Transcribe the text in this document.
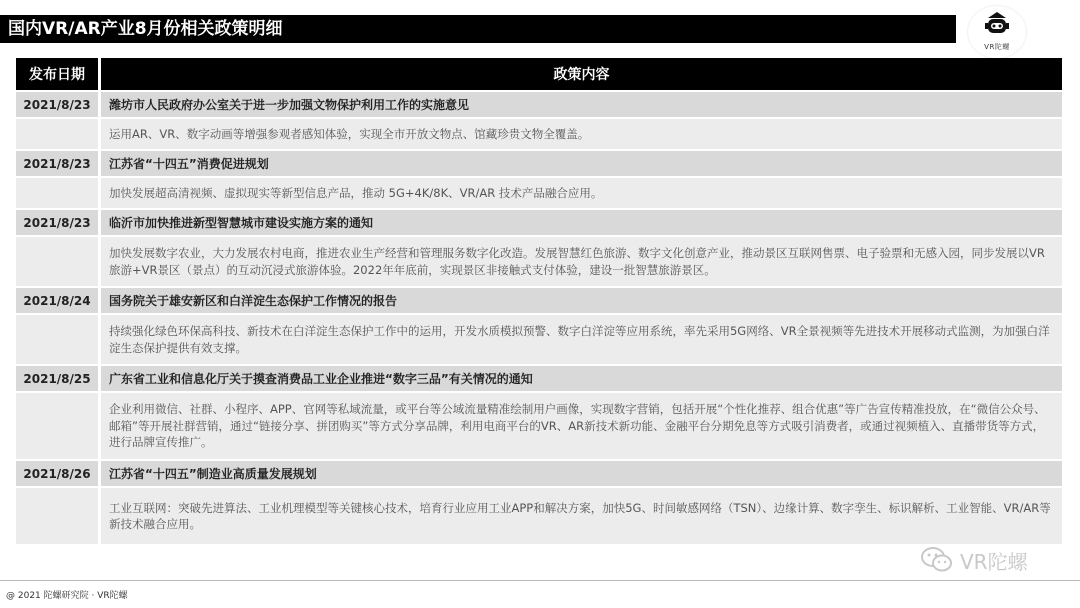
国内VR/AR产业8月份相关政策明细
VR陀螺
发布日期	政策内容
2021/8/23	潍坊市人民政府办公室关于进一步加强文物保护利用工作的实施意见
运用AR、VR、数字动画等增强参观者感知体验，实现全市开放文物点、馆藏珍贵文物全覆盖。
2021/8/23	江苏省“十四五”消费促进规划
加快发展超高清视频、虚拟现实等新型信息产品，推动 5G+4K/8K、VR/AR 技术产品融合应用。
2021/8/23	临沂市加快推进新型智慧城市建设实施方案的通知
加快发展数字农业，大力发展农村电商，推进农业生产经营和管理服务数字化改造。发展智慧红色旅游、数字文化创意产业，推动景区互联网售票、电子验票和无感入园，同步发展以VR旅游+VR景区（景点）的互动沉浸式旅游体验。2022年年底前，实现景区非接触式支付体验，建设一批智慧旅游景区。
2021/8/24	国务院关于雄安新区和白洋淀生态保护工作情况的报告
持续强化绿色环保高科技、新技术在白洋淀生态保护工作中的运用，开发水质模拟预警、数字白洋淀等应用系统，率先采用5G网络、VR全景视频等先进技术开展移动式监测，为加强白洋淀生态保护提供有效支撑。
2021/8/25	广东省工业和信息化厅关于摸查消费品工业企业推进“数字三品”有关情况的通知
企业利用微信、社群、小程序、APP、官网等私域流量，或平台等公域流量精准绘制用户画像，实现数字营销，包括开展“个性化推荐、组合优惠”等广告宣传精准投放，在“微信公众号、邮箱”等开展社群营销，通过“链接分享、拼团购买”等方式分享品牌，利用电商平台的VR、AR新技术新功能、金融平台分期免息等方式吸引消费者，或通过视频植入、直播带货等方式，进行品牌宣传推广。
2021/8/26	江苏省“十四五”制造业高质量发展规划
工业互联网：突破先进算法、工业机理模型等关键核心技术，培育行业应用工业APP和解决方案，加快5G、时间敏感网络（TSN）、边缘计算、数字孪生、标识解析、工业智能、VR/AR等新技术融合应用。
VR陀螺
@ 2021 陀螺研究院 · VR陀螺
